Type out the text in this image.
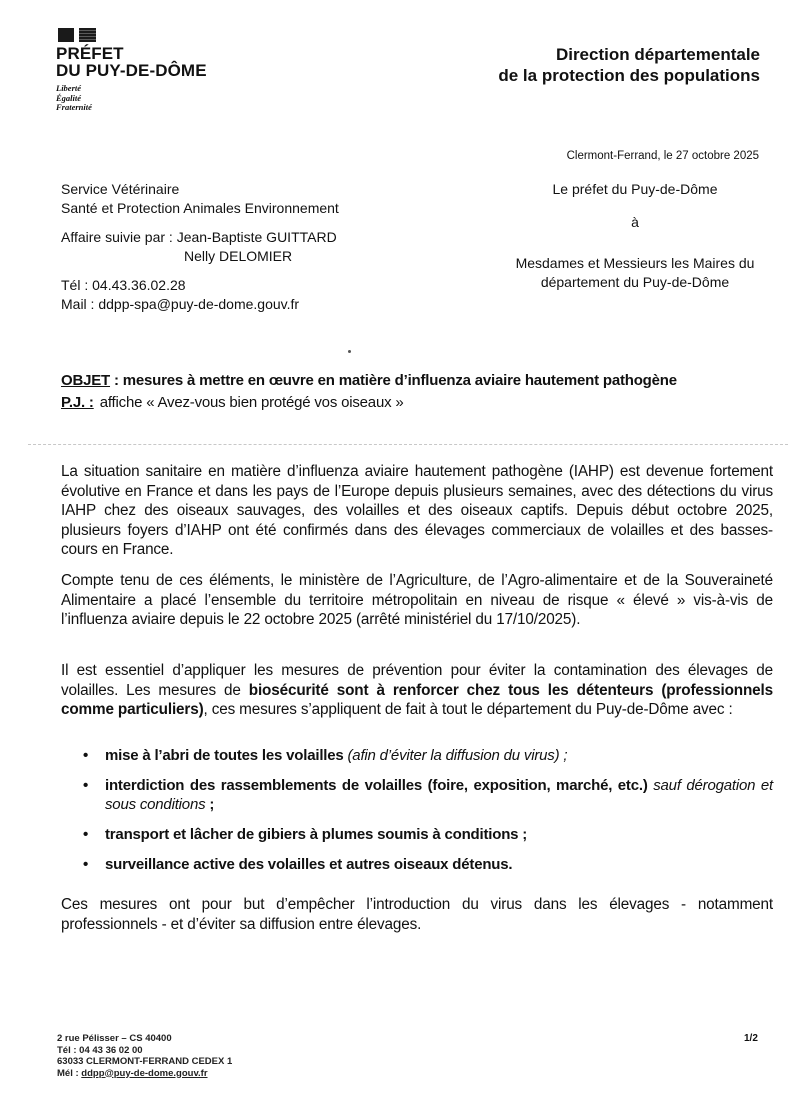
PRÉFET
DU PUY-DE-DÔME
Liberté
Égalité
Fraternité
Direction départementale
de la protection des populations
Clermont-Ferrand, le 27 octobre 2025
Service Vétérinaire
Santé et Protection Animales Environnement
Affaire suivie par : Jean-Baptiste GUITTARD
Nelly DELOMIER
Tél : 04.43.36.02.28
Mail : ddpp-spa@puy-de-dome.gouv.fr
Le préfet du Puy-de-Dôme
à
Mesdames et Messieurs les Maires du
département du Puy-de-Dôme
OBJET : mesures à mettre en œuvre en matière d’influenza aviaire hautement pathogène
P.J. : affiche « Avez-vous bien protégé vos oiseaux »
La situation sanitaire en matière d’influenza aviaire hautement pathogène (IAHP) est devenue fortement évolutive en France et dans les pays de l’Europe depuis plusieurs semaines, avec des détections du virus IAHP chez des oiseaux sauvages, des volailles et des oiseaux captifs. Depuis début octobre 2025, plusieurs foyers d’IAHP ont été confirmés dans des élevages commerciaux de volailles et des basses-cours en France.
Compte tenu de ces éléments, le ministère de l’Agriculture, de l’Agro-alimentaire et de la Souveraineté Alimentaire a placé l’ensemble du territoire métropolitain en niveau de risque « élevé » vis-à-vis de l’influenza aviaire depuis le 22 octobre 2025 (arrêté ministériel du 17/10/2025).
Il est essentiel d’appliquer les mesures de prévention pour éviter la contamination des élevages de volailles. Les mesures de biosécurité sont à renforcer chez tous les détenteurs (professionnels comme particuliers), ces mesures s’appliquent de fait à tout le département du Puy-de-Dôme avec :
• mise à l’abri de toutes les volailles (afin d’éviter la diffusion du virus) ;
• interdiction des rassemblements de volailles (foire, exposition, marché, etc.) sauf dérogation et sous conditions ;
• transport et lâcher de gibiers à plumes soumis à conditions ;
• surveillance active des volailles et autres oiseaux détenus.
Ces mesures ont pour but d’empêcher l’introduction du virus dans les élevages - notamment professionnels - et d’éviter sa diffusion entre élevages.
2 rue Pélisser – CS 40400
Tél : 04 43 36 02 00
63033 CLERMONT-FERRAND CEDEX 1
Mél : ddpp@puy-de-dome.gouv.fr
1/2
